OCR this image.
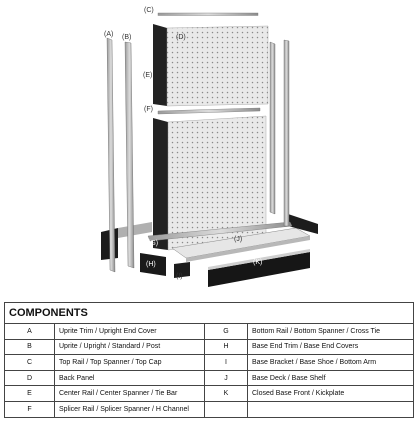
(C)
(A) (B)	(D)
(E)
(F)
(G)
(J)
(H)	(K)
(I)
COMPONENTS			
A	Uprite Trim / Upright End Cover	G	Bottom Rail / Bottom Spanner / Cross Tie
B	Uprite / Upright / Standard / Post	H	Base End Trim / Base End Covers
C	Top Rail / Top Spanner / Top Cap	I	Base Bracket / Base Shoe / Bottom Arm
D	Back Panel	J	Base Deck / Base Shelf
E	Center Rail / Center Spanner / Tie Bar	K	Closed Base Front / Kickplate
F	Splicer Rail / Splicer Spanner / H Channel		
